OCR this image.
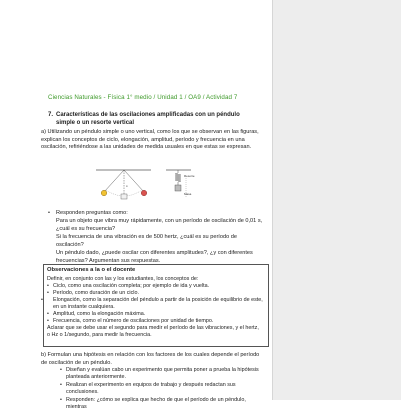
Ciencias Naturales - Física 1° medio / Unidad 1 / OA9 / Actividad 7
7. Características de las oscilaciones amplificadas con un péndulo simple o un resorte vertical
a) Utilizando un péndulo simple o uno vertical, como los que se observan en las figuras, explican los conceptos de ciclo, elongación, amplitud, período y frecuencia en una oscilación, refiriéndose a las unidades de medida usuales en que estas se expresan.
α
Resorte
Masa
• Responden preguntas como:
Para un objeto que vibra muy rápidamente, con un período de oscilación de 0,01 s, ¿cuál es su frecuencia?
Si la frecuencia de una vibración es de 500 hertz, ¿cuál es su período de oscilación?
Un péndulo dado, ¿puede oscilar con diferentes amplitudes?, ¿y con diferentes frecuencias? Argumentan sus respuestas.
Observaciones a la o el docente
Definir, en conjunto con las y los estudiantes, los conceptos de:
• Ciclo, como una oscilación completa; por ejemplo de ida y vuelta.
• Período, como duración de un ciclo.
• Elongación, como la separación del péndulo a partir de la posición de equilibrio de este, en un instante cualquiera.
• Amplitud, como la elongación máxima.
• Frecuencia, como el número de oscilaciones por unidad de tiempo.
Aclarar que se debe usar el segundo para medir el período de las vibraciones, y el hertz, o Hz o 1/segundo, para medir la frecuencia.
b) Formulan una hipótesis en relación con los factores de los cuales depende el período de oscilación de un péndulo.
• Diseñan y evalúan cabo un experimento que permita poner a prueba la hipótesis planteada anteriormente.
• Realizan el experimento en equipos de trabajo y después redactan sus conclusiones.
• Responden: ¿cómo se explica que hecho de que el período de un péndulo, mientras
